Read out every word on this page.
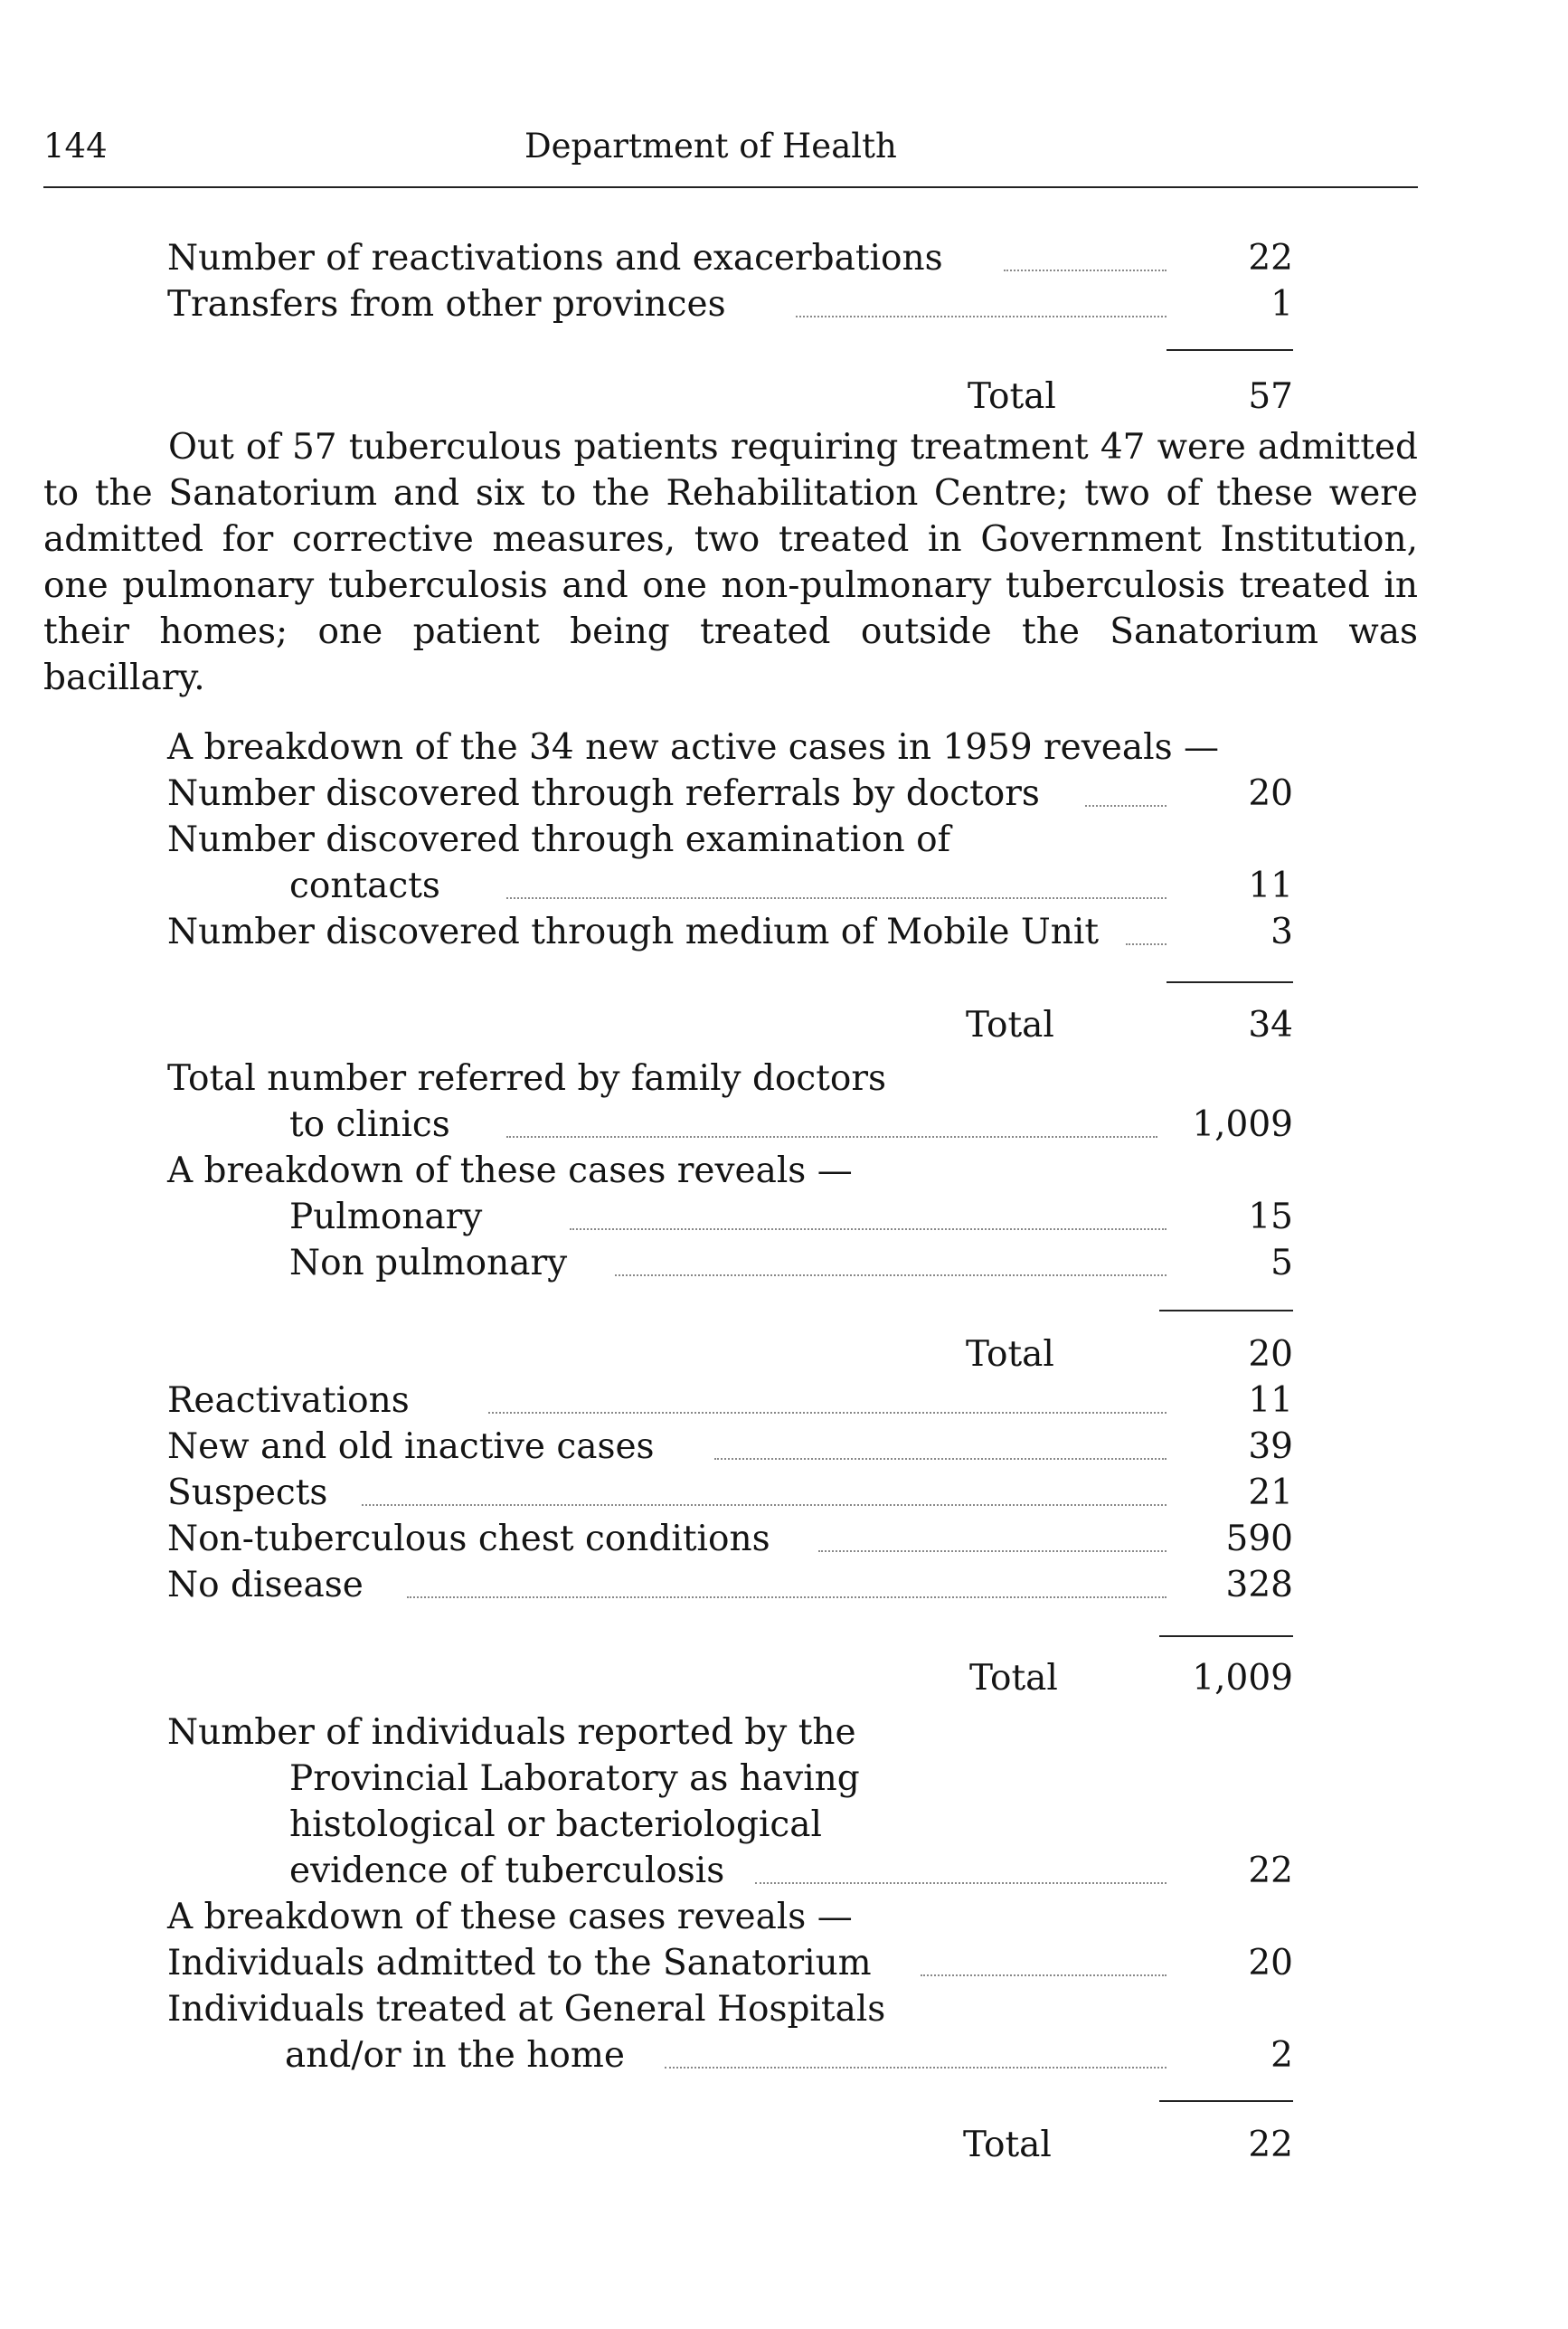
144	Department of Health
Number of reactivations and exacerbations	22
Transfers from other provinces	1
Total	57

Out of 57 tuberculous patients requiring treatment 47 were admitted to the Sanatorium and six to the Rehabilitation Centre; two of these were admitted for corrective measures, two treated in Government Institution, one pulmonary tuberculosis and one non-pulmonary tuberculosis treated in their homes; one patient being treated outside the Sanatorium was bacillary.

A breakdown of the 34 new active cases in 1959 reveals —
Number discovered through referrals by doctors	20
Number discovered through examination of
contacts	11
Number discovered through medium of Mobile Unit	3
Total	34
Total number referred by family doctors
to clinics	1,009
A breakdown of these cases reveals —
Pulmonary	15
Non pulmonary	5
Total	20
Reactivations	11
New and old inactive cases	39
Suspects	21
Non-tuberculous chest conditions	590
No disease	328
Total	1,009
Number of individuals reported by the
Provincial Laboratory as having
histological or bacteriological
evidence of tuberculosis	22
A breakdown of these cases reveals —
Individuals admitted to the Sanatorium	20
Individuals treated at General Hospitals
and/or in the home	2
Total	22
